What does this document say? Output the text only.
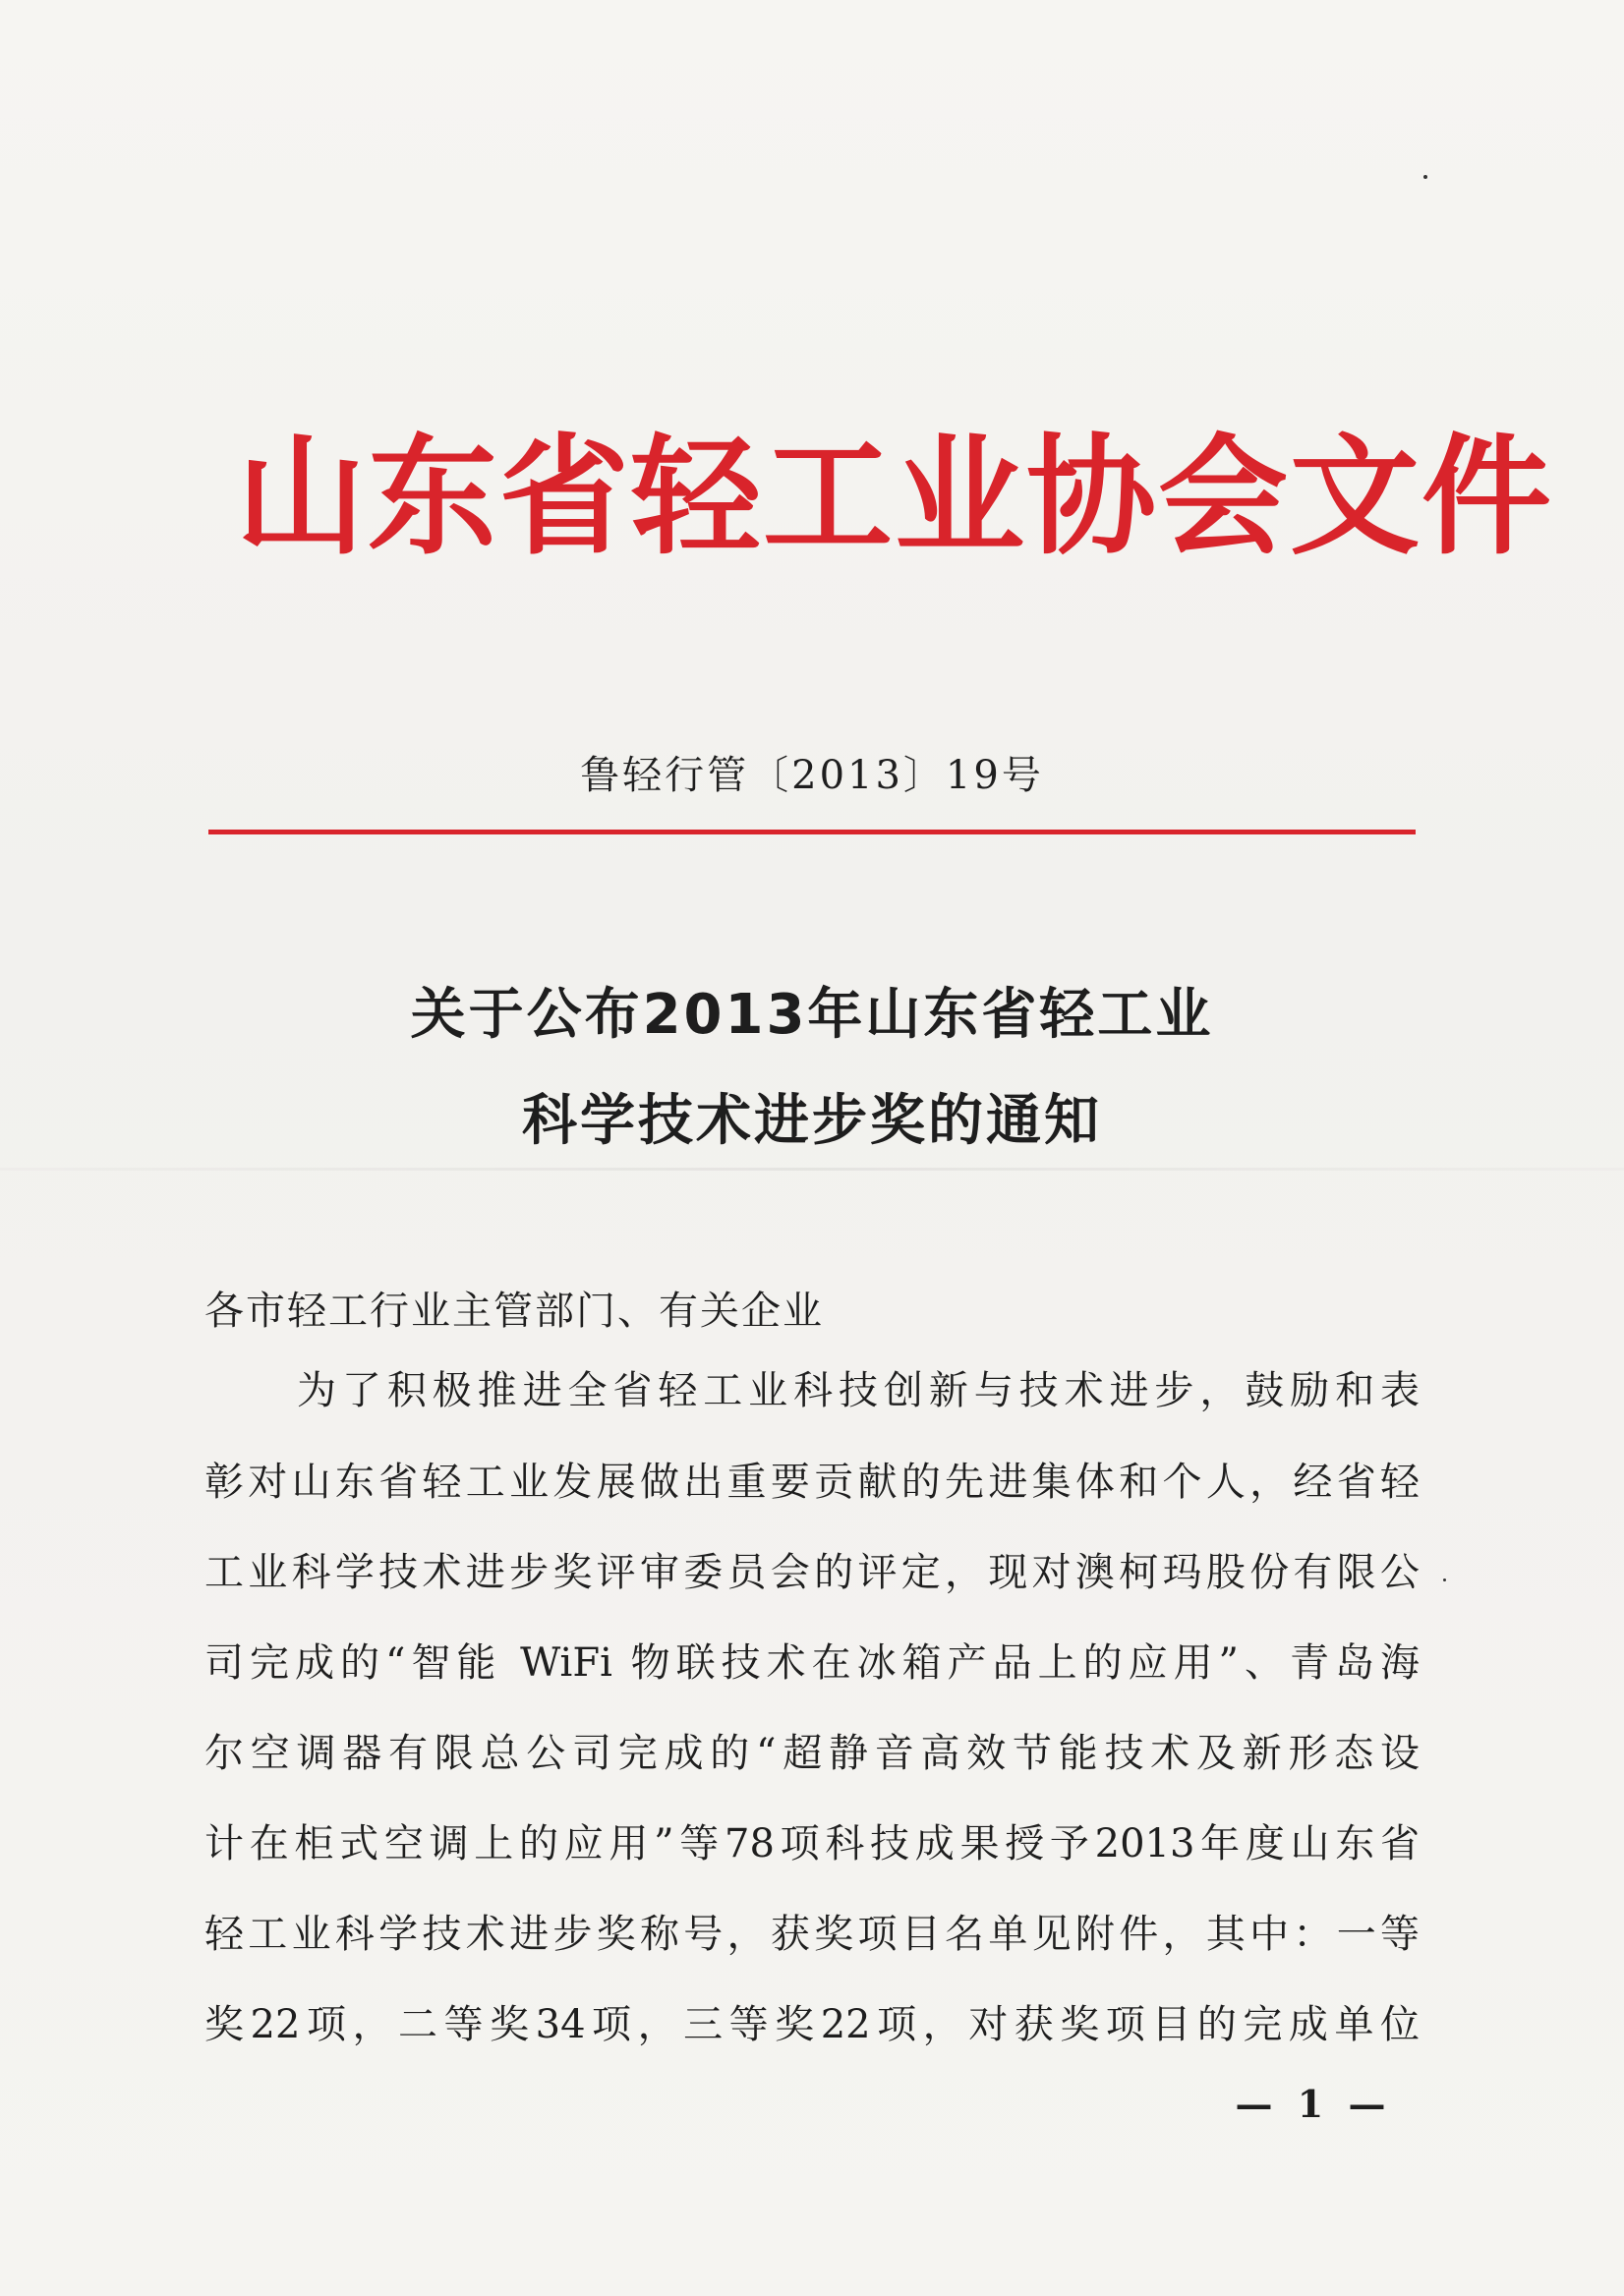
山东省轻工业协会文件
鲁轻行管〔2013〕19号
关于公布2013年山东省轻工业
科学技术进步奖的通知
各市轻工行业主管部门、有关企业
为了积极推进全省轻工业科技创新与技术进步，鼓励和表
彰对山东省轻工业发展做出重要贡献的先进集体和个人，经省轻
工业科学技术进步奖评审委员会的评定，现对澳柯玛股份有限公
司完成的“智能 WiFi 物联技术在冰箱产品上的应用”、青岛海
尔空调器有限总公司完成的“超静音高效节能技术及新形态设
计在柜式空调上的应用”等78项科技成果授予2013年度山东省
轻工业科学技术进步奖称号，获奖项目名单见附件，其中：一等
奖22项，二等奖34项，三等奖22项，对获奖项目的完成单位
— 1 —
